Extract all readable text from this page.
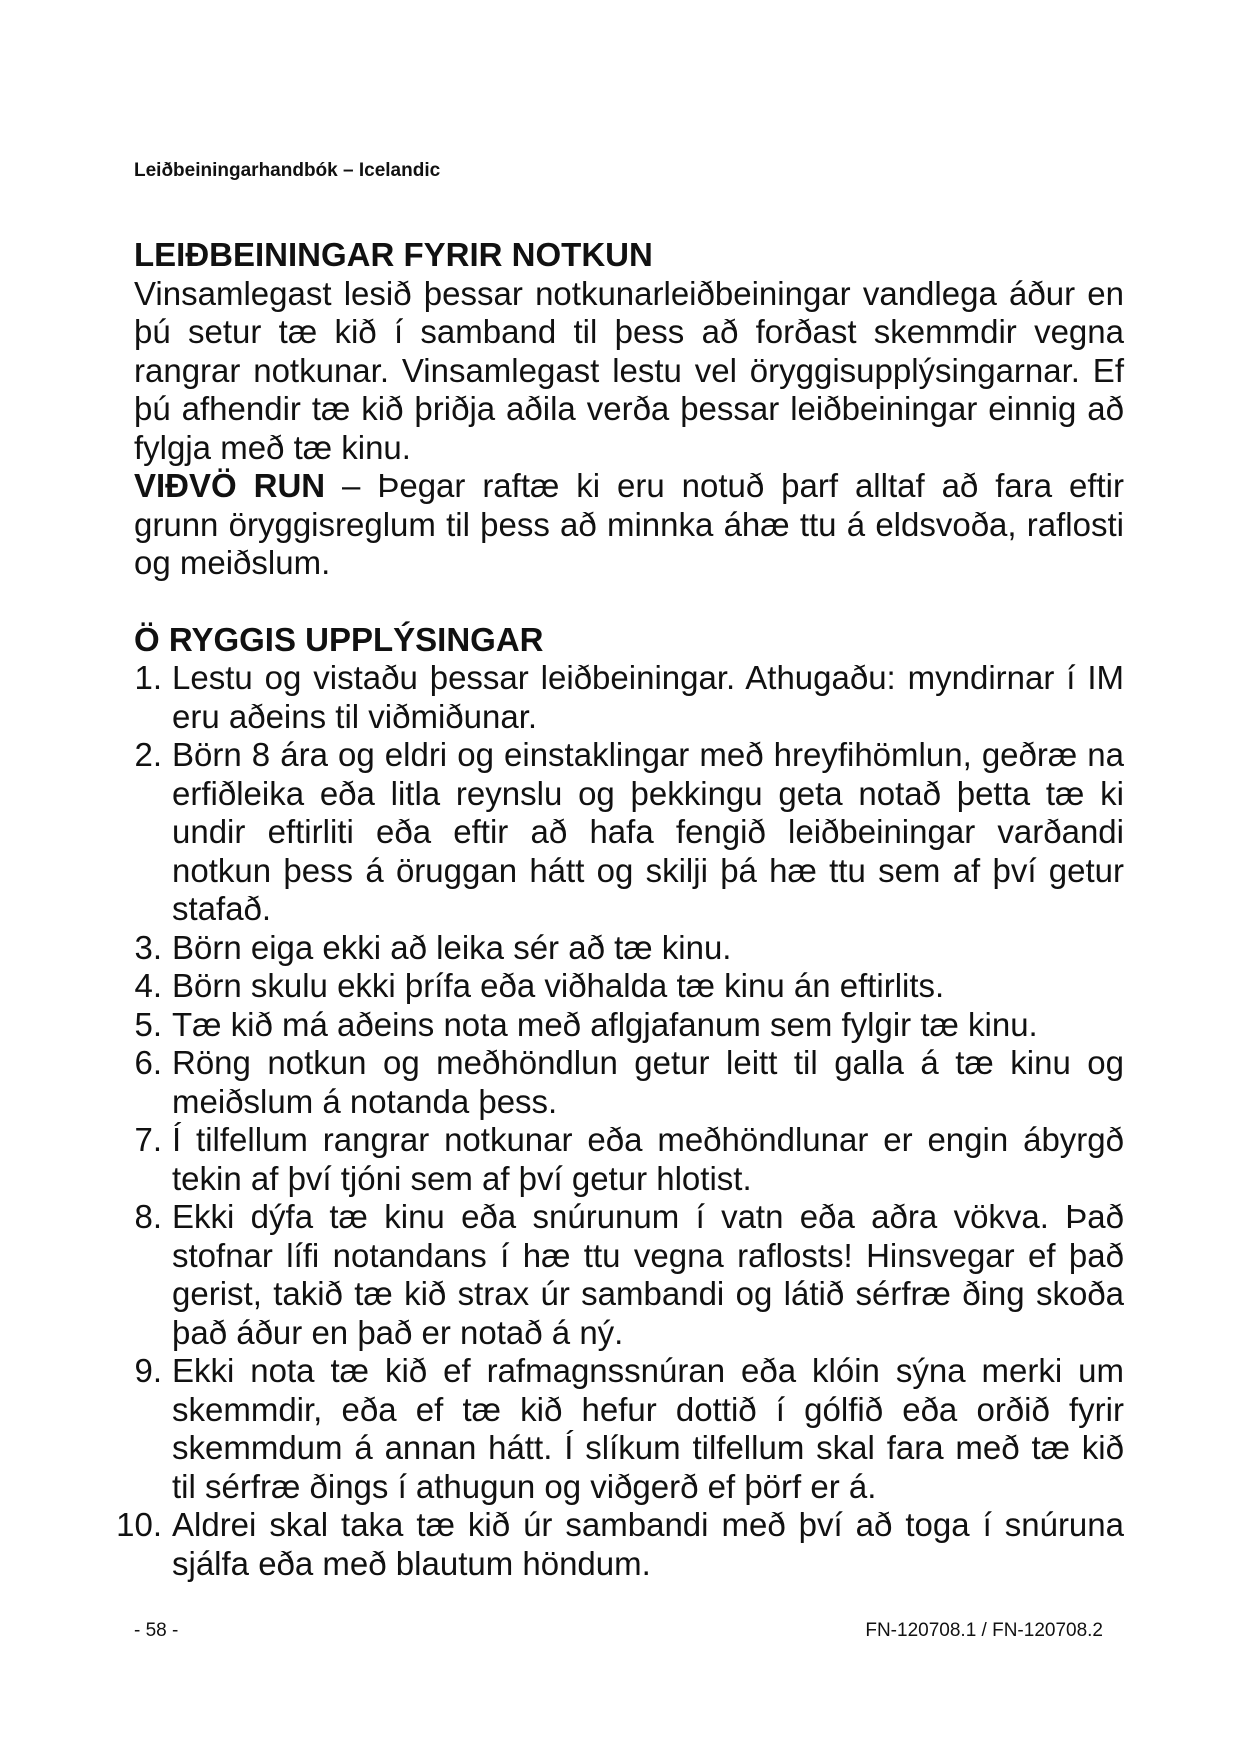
Leiðbeiningarhandbók – Icelandic

LEIÐBEININGAR FYRIR NOTKUN

Vinsamlegast lesið þessar notkunarleiðbeiningar vandlega áður en þú setur tæ kið í samband til þess að forðast skemmdir vegna rangrar notkunar. Vinsamlegast lestu vel öryggisupplýsingarnar. Ef þú afhendir tæ kið þriðja aðila verða þessar leiðbeiningar einnig að fylgja með tæ kinu.

VIÐVÖ RUN – Þegar raftæ ki eru notuð þarf alltaf að fara eftir grunn öryggisreglum til þess að minnka áhæ ttu á eldsvoða, raflosti og meiðslum.

Ö RYGGIS UPPLÝSINGAR

1. Lestu og vistaðu þessar leiðbeiningar. Athugaðu: myndirnar í IM eru aðeins til viðmiðunar.
2. Börn 8 ára og eldri og einstaklingar með hreyfihömlun, geðræ na erfiðleika eða litla reynslu og þekkingu geta notað þetta tæ ki undir eftirliti eða eftir að hafa fengið leiðbeiningar varðandi notkun þess á öruggan hátt og skilji þá hæ ttu sem af því getur stafað.
3. Börn eiga ekki að leika sér að tæ kinu.
4. Börn skulu ekki þrífa eða viðhalda tæ kinu án eftirlits.
5. Tæ kið má aðeins nota með aflgjafanum sem fylgir tæ kinu.
6. Röng notkun og meðhöndlun getur leitt til galla á tæ kinu og meiðslum á notanda þess.
7. Í tilfellum rangrar notkunar eða meðhöndlunar er engin ábyrgð tekin af því tjóni sem af því getur hlotist.
8. Ekki dýfa tæ kinu eða snúrunum í vatn eða aðra vökva. Það stofnar lífi notandans í hæ ttu vegna raflosts! Hinsvegar ef það gerist, takið tæ kið strax úr sambandi og látið sérfræ ðing skoða það áður en það er notað á ný.
9. Ekki nota tæ kið ef rafmagnssnúran eða klóin sýna merki um skemmdir, eða ef tæ kið hefur dottið í gólfið eða orðið fyrir skemmdum á annan hátt. Í slíkum tilfellum skal fara með tæ kið til sérfræ ðings í athugun og viðgerð ef þörf er á.
10. Aldrei skal taka tæ kið úr sambandi með því að toga í snúruna sjálfa eða með blautum höndum.
- 58 -	FN-120708.1 / FN-120708.2
